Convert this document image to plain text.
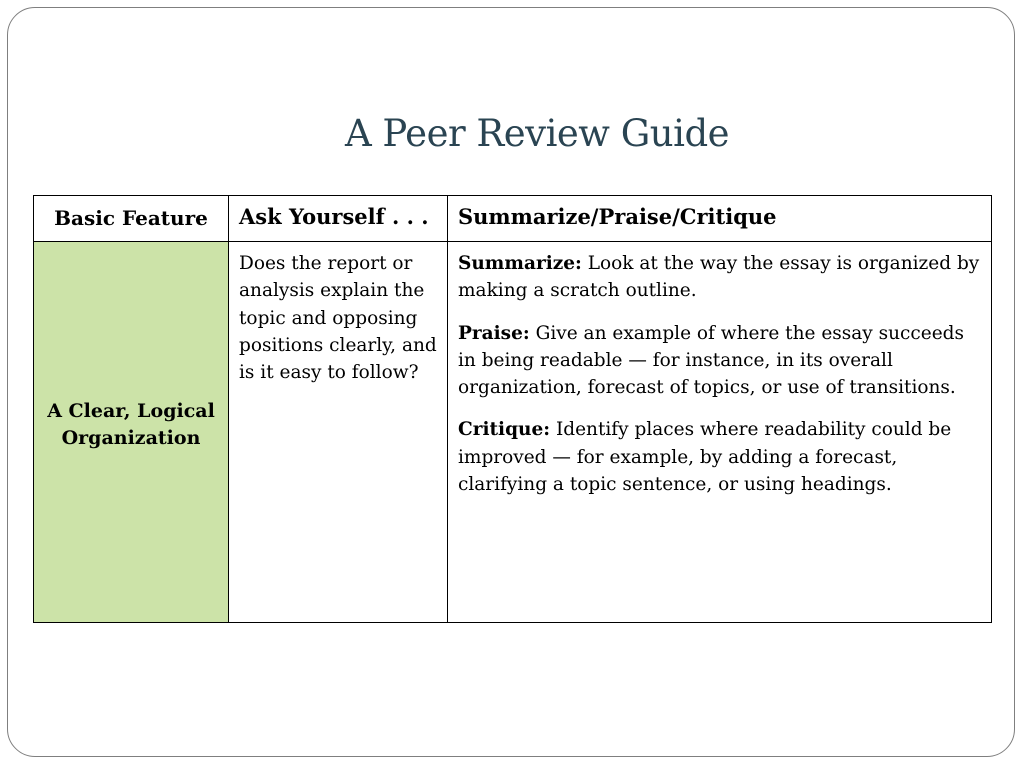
A Peer Review Guide
Basic Feature	Ask Yourself . . .	Summarize/Praise/Critique
A Clear, Logical Organization	Does the report or analysis explain the topic and opposing positions clearly, and is it easy to follow?	Summarize: Look at the way the essay is organized by making a scratch outline.

Praise: Give an example of where the essay succeeds in being readable — for instance, in its overall organization, forecast of topics, or use of transitions.

Critique: Identify places where readability could be improved — for example, by adding a forecast, clarifying a topic sentence, or using headings.
